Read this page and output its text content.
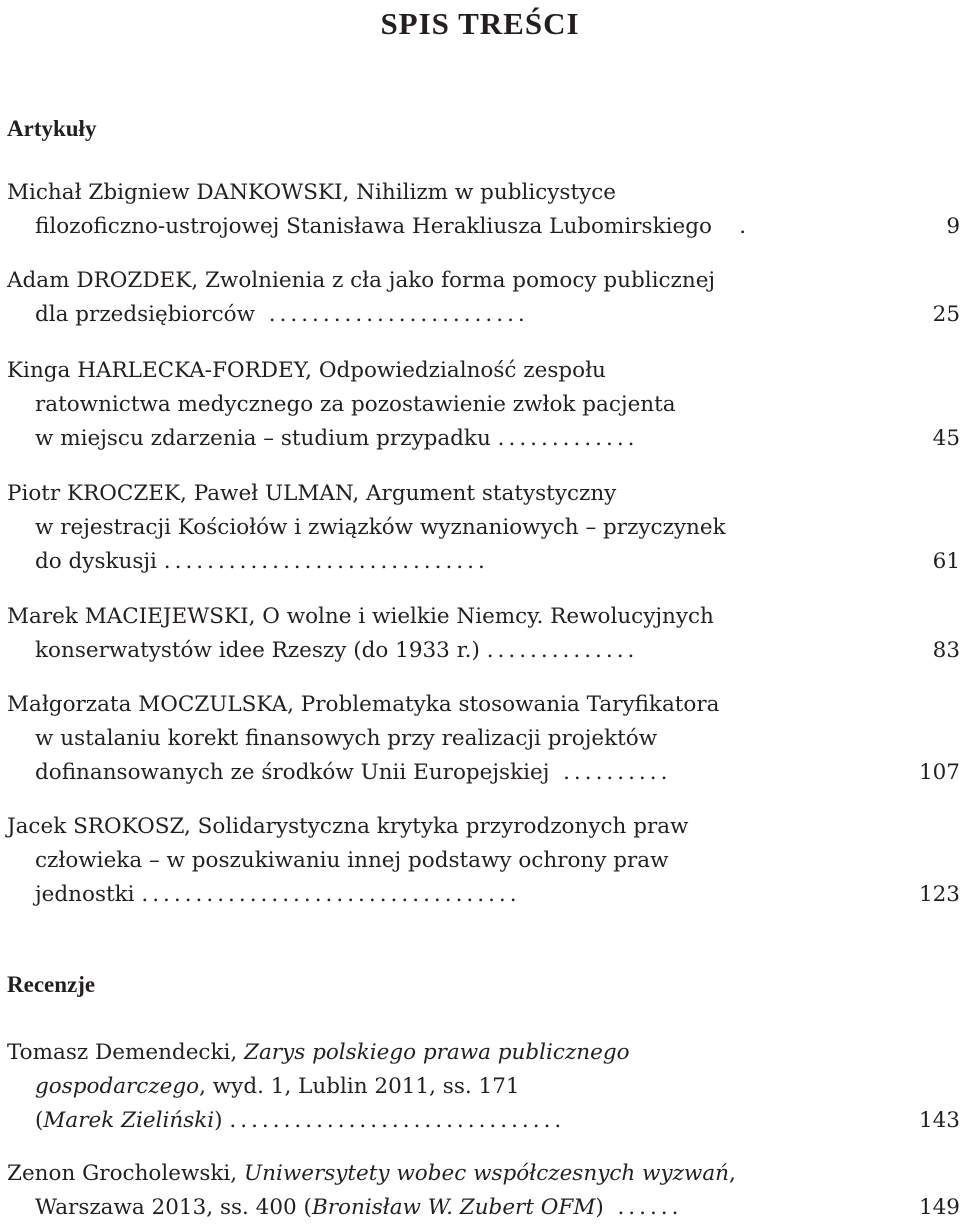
SPIS TREŚCI
Artykuły
Michał Zbigniew DANKOWSKI, Nihilizm w publicystyce
filozoficzno-ustrojowej Stanisława Herakliusza Lubomirskiego .	9
Adam DROZDEK, Zwolnienia z cła jako forma pomocy publicznej
dla przedsiębiorców ........................	25
Kinga HARLECKA-FORDEY, Odpowiedzialność zespołu
ratownictwa medycznego za pozostawienie zwłok pacjenta
w miejscu zdarzenia – studium przypadku .............	45
Piotr KROCZEK, Paweł ULMAN, Argument statystyczny
w rejestracji Kościołów i związków wyznaniowych – przyczynek
do dyskusji ..............................	61
Marek MACIEJEWSKI, O wolne i wielkie Niemcy. Rewolucyjnych
konserwatystów idee Rzeszy (do 1933 r.) ..............	83
Małgorzata MOCZULSKA, Problematyka stosowania Taryfikatora
w ustalaniu korekt finansowych przy realizacji projektów
dofinansowanych ze środków Unii Europejskiej ..........	107
Jacek SROKOSZ, Solidarystyczna krytyka przyrodzonych praw
człowieka – w poszukiwaniu innej podstawy ochrony praw
jednostki ...................................	123
Recenzje
Tomasz Demendecki, Zarys polskiego prawa publicznego
gospodarczego, wyd. 1, Lublin 2011, ss. 171
(Marek Zieliński) ...............................	143
Zenon Grocholewski, Uniwersytety wobec współczesnych wyzwań,
Warszawa 2013, ss. 400 (Bronisław W. Zubert OFM) ......	149
